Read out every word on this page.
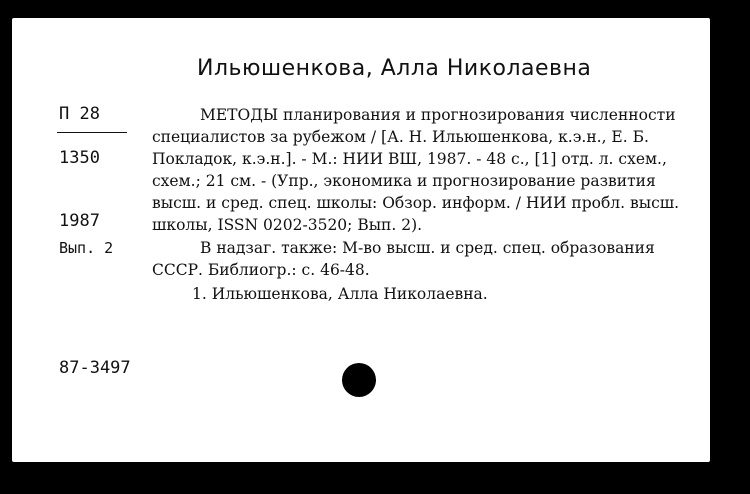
Ильюшенкова, Алла Николаевна
П 28
1350
1987
Вып. 2
87-3497

МЕТОДЫ планирования и прогнозирования численности специалистов за рубежом / [А. Н. Ильюшенкова, к.э.н., Е. Б. Покладок, к.э.н.]. - М.: НИИ ВШ, 1987. - 48 с., [1] отд. л. схем., схем.; 21 см. - (Упр., экономика и прогнозирование развития высш. и сред. спец. школы: Обзор. информ. / НИИ пробл. высш. школы, ISSN 0202-3520; Вып. 2).

В надзаг. также: М-во высш. и сред. спец. образования СССР. Библиогр.: с. 46-48.

1. Ильюшенкова, Алла Николаевна.
